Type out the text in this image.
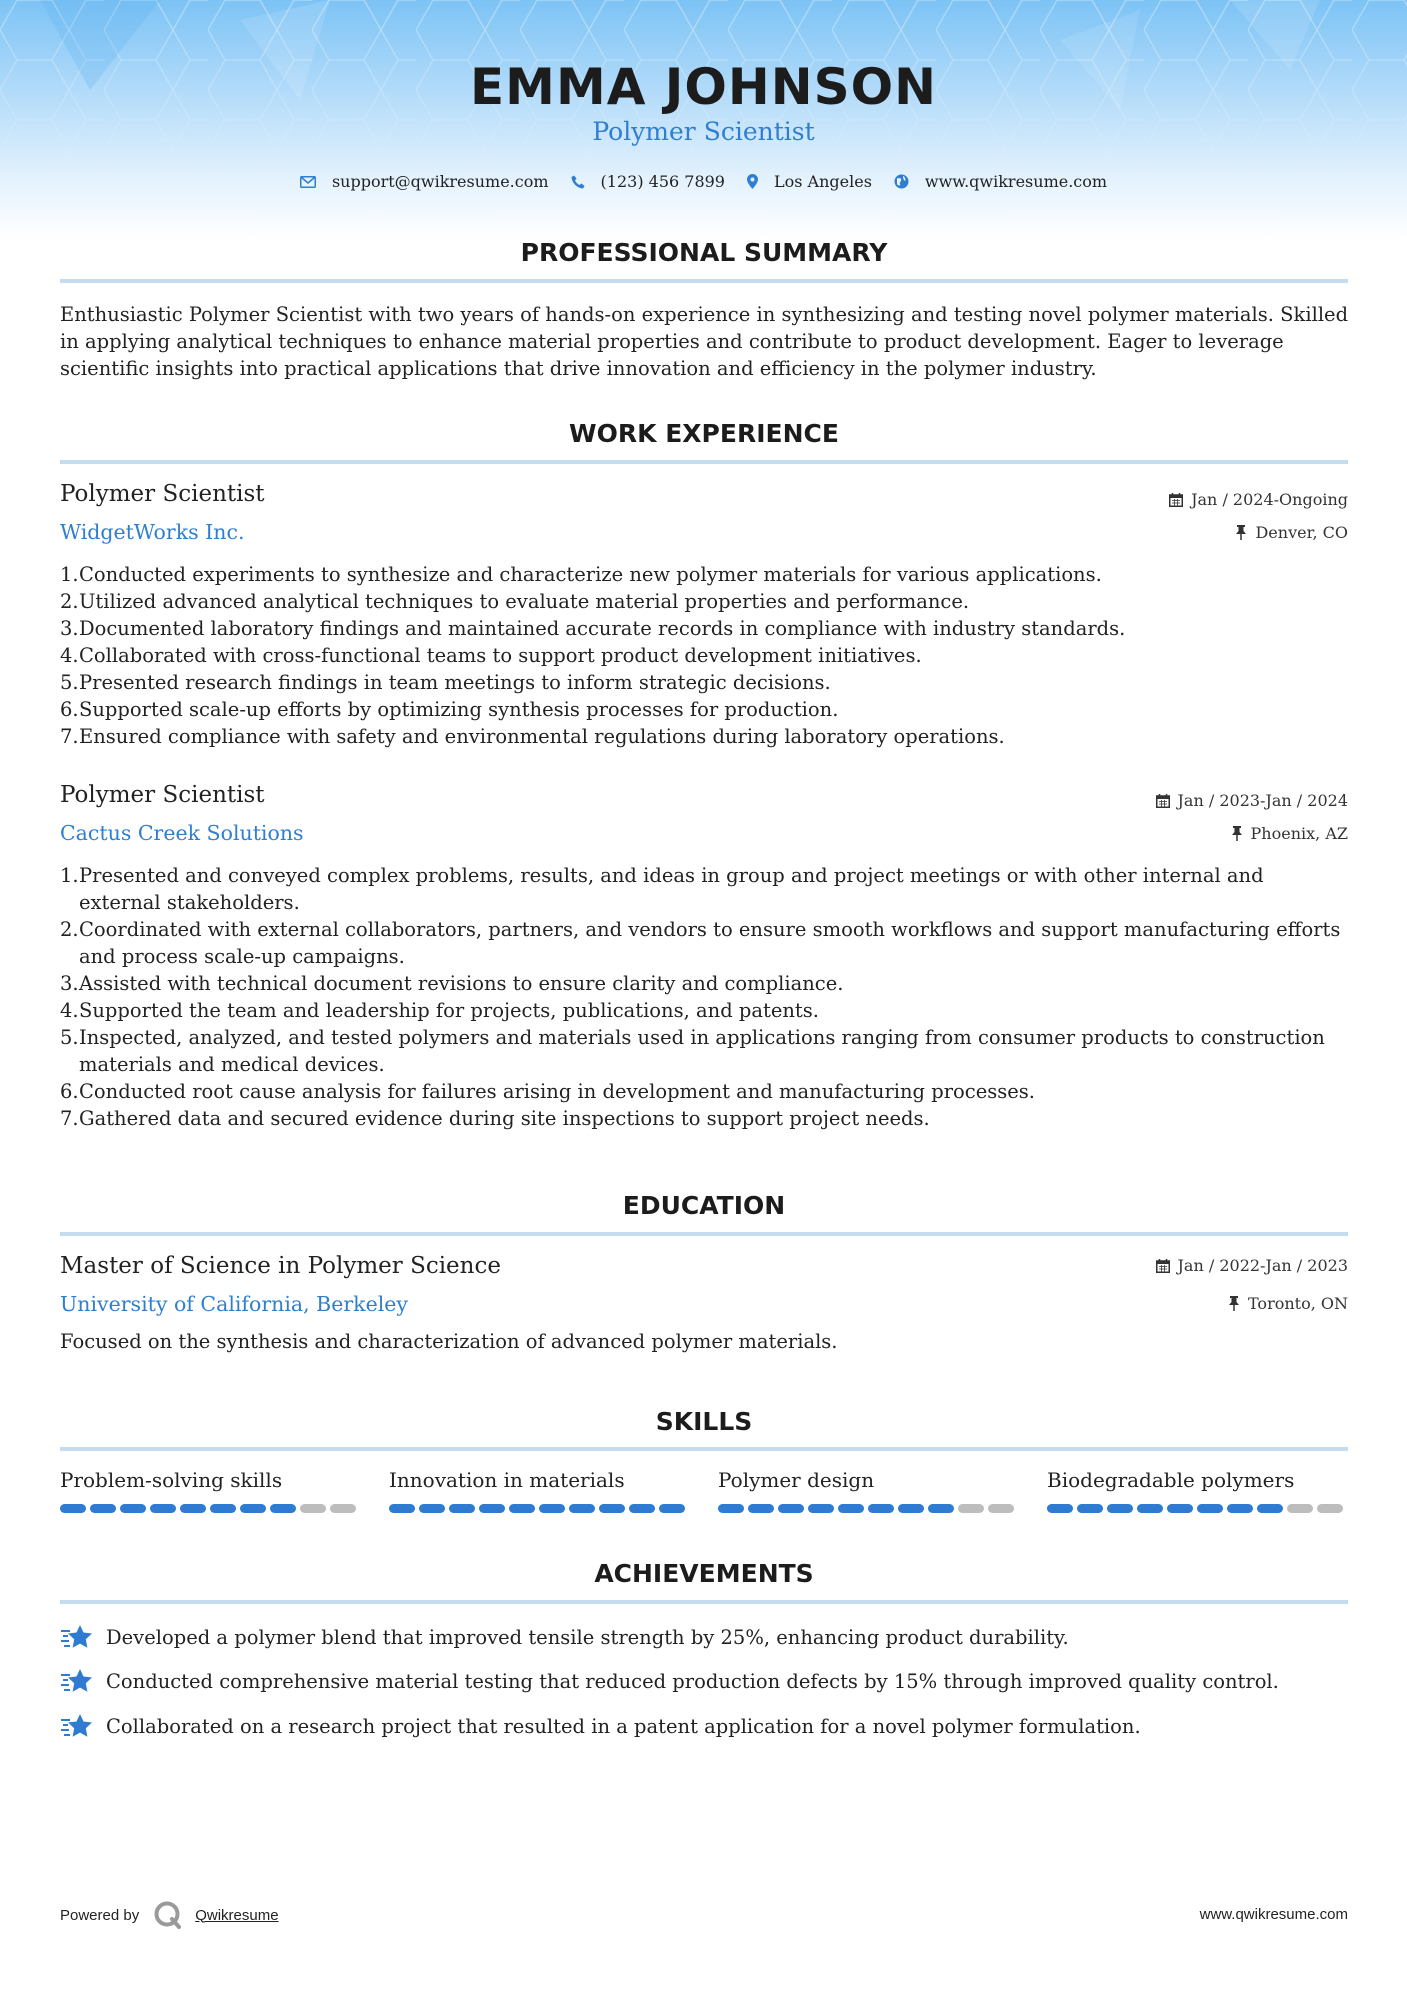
EMMA JOHNSON
Polymer Scientist
support@qwikresume.com	(123) 456 7899	Los Angeles	www.qwikresume.com
PROFESSIONAL SUMMARY
Enthusiastic Polymer Scientist with two years of hands-on experience in synthesizing and testing novel polymer materials. Skilled in applying analytical techniques to enhance material properties and contribute to product development. Eager to leverage scientific insights into practical applications that drive innovation and efficiency in the polymer industry.
WORK EXPERIENCE
Polymer Scientist	Jan / 2024-Ongoing
WidgetWorks Inc.	Denver, CO
1. Conducted experiments to synthesize and characterize new polymer materials for various applications.
2. Utilized advanced analytical techniques to evaluate material properties and performance.
3. Documented laboratory findings and maintained accurate records in compliance with industry standards.
4. Collaborated with cross-functional teams to support product development initiatives.
5. Presented research findings in team meetings to inform strategic decisions.
6. Supported scale-up efforts by optimizing synthesis processes for production.
7. Ensured compliance with safety and environmental regulations during laboratory operations.
Polymer Scientist	Jan / 2023-Jan / 2024
Cactus Creek Solutions	Phoenix, AZ
1. Presented and conveyed complex problems, results, and ideas in group and project meetings or with other internal and external stakeholders.
2. Coordinated with external collaborators, partners, and vendors to ensure smooth workflows and support manufacturing efforts and process scale-up campaigns.
3. Assisted with technical document revisions to ensure clarity and compliance.
4. Supported the team and leadership for projects, publications, and patents.
5. Inspected, analyzed, and tested polymers and materials used in applications ranging from consumer products to construction materials and medical devices.
6. Conducted root cause analysis for failures arising in development and manufacturing processes.
7. Gathered data and secured evidence during site inspections to support project needs.
EDUCATION
Master of Science in Polymer Science	Jan / 2022-Jan / 2023
University of California, Berkeley	Toronto, ON
Focused on the synthesis and characterization of advanced polymer materials.
SKILLS
Problem-solving skills	Innovation in materials	Polymer design	Biodegradable polymers
ACHIEVEMENTS
Developed a polymer blend that improved tensile strength by 25%, enhancing product durability.
Conducted comprehensive material testing that reduced production defects by 15% through improved quality control.
Collaborated on a research project that resulted in a patent application for a novel polymer formulation.
Powered by	Qwikresume	www.qwikresume.com
